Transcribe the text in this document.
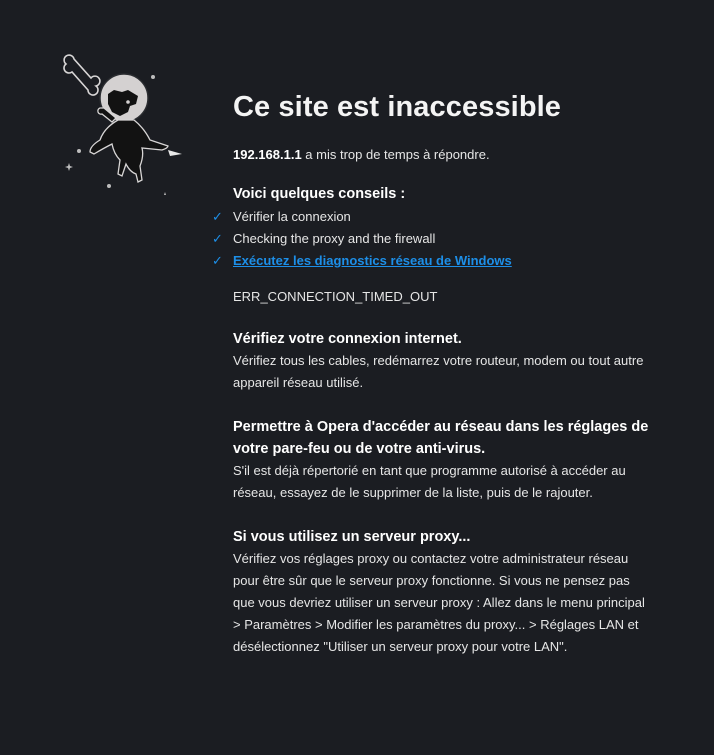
Ce site est inaccessible
192.168.1.1 a mis trop de temps à répondre.
Voici quelques conseils :
✓ Vérifier la connexion
✓ Checking the proxy and the firewall
✓ Exécutez les diagnostics réseau de Windows
ERR_CONNECTION_TIMED_OUT
Vérifiez votre connexion internet.

Vérifiez tous les cables, redémarrez votre routeur, modem ou tout autre appareil réseau utilisé.

Permettre à Opera d'accéder au réseau dans les réglages de votre pare-feu ou de votre anti-virus.

S'il est déjà répertorié en tant que programme autorisé à accéder au réseau, essayez de le supprimer de la liste, puis de le rajouter.

Si vous utilisez un serveur proxy...

Vérifiez vos réglages proxy ou contactez votre administrateur réseau pour être sûr que le serveur proxy fonctionne. Si vous ne pensez pas que vous devriez utiliser un serveur proxy : Allez dans le menu principal > Paramètres > Modifier les paramètres du proxy... > Réglages LAN et désélectionnez "Utiliser un serveur proxy pour votre LAN".
